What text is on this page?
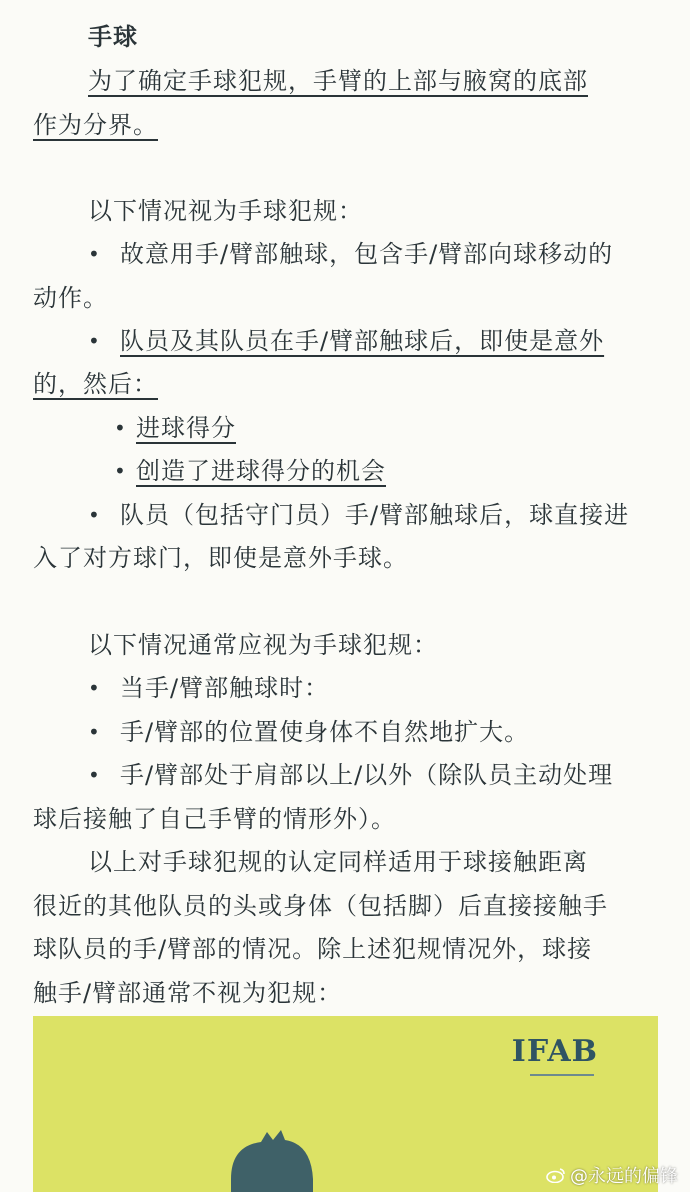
手球
为了确定手球犯规，手臂的上部与腋窝的底部
作为分界。
以下情况视为手球犯规：
• 故意用手/臂部触球，包含手/臂部向球移动的
动作。
• 队员及其队员在手/臂部触球后，即使是意外
的，然后：
• 进球得分
• 创造了进球得分的机会
• 队员（包括守门员）手/臂部触球后，球直接进
入了对方球门，即使是意外手球。
以下情况通常应视为手球犯规：
• 当手/臂部触球时：
• 手/臂部的位置使身体不自然地扩大。
• 手/臂部处于肩部以上/以外（除队员主动处理
球后接触了自己手臂的情形外）。
以上对手球犯规的认定同样适用于球接触距离
很近的其他队员的头或身体（包括脚）后直接接触手
球队员的手/臂部的情况。除上述犯规情况外，球接
触手/臂部通常不视为犯规：
IFAB
@永远的偏锋
